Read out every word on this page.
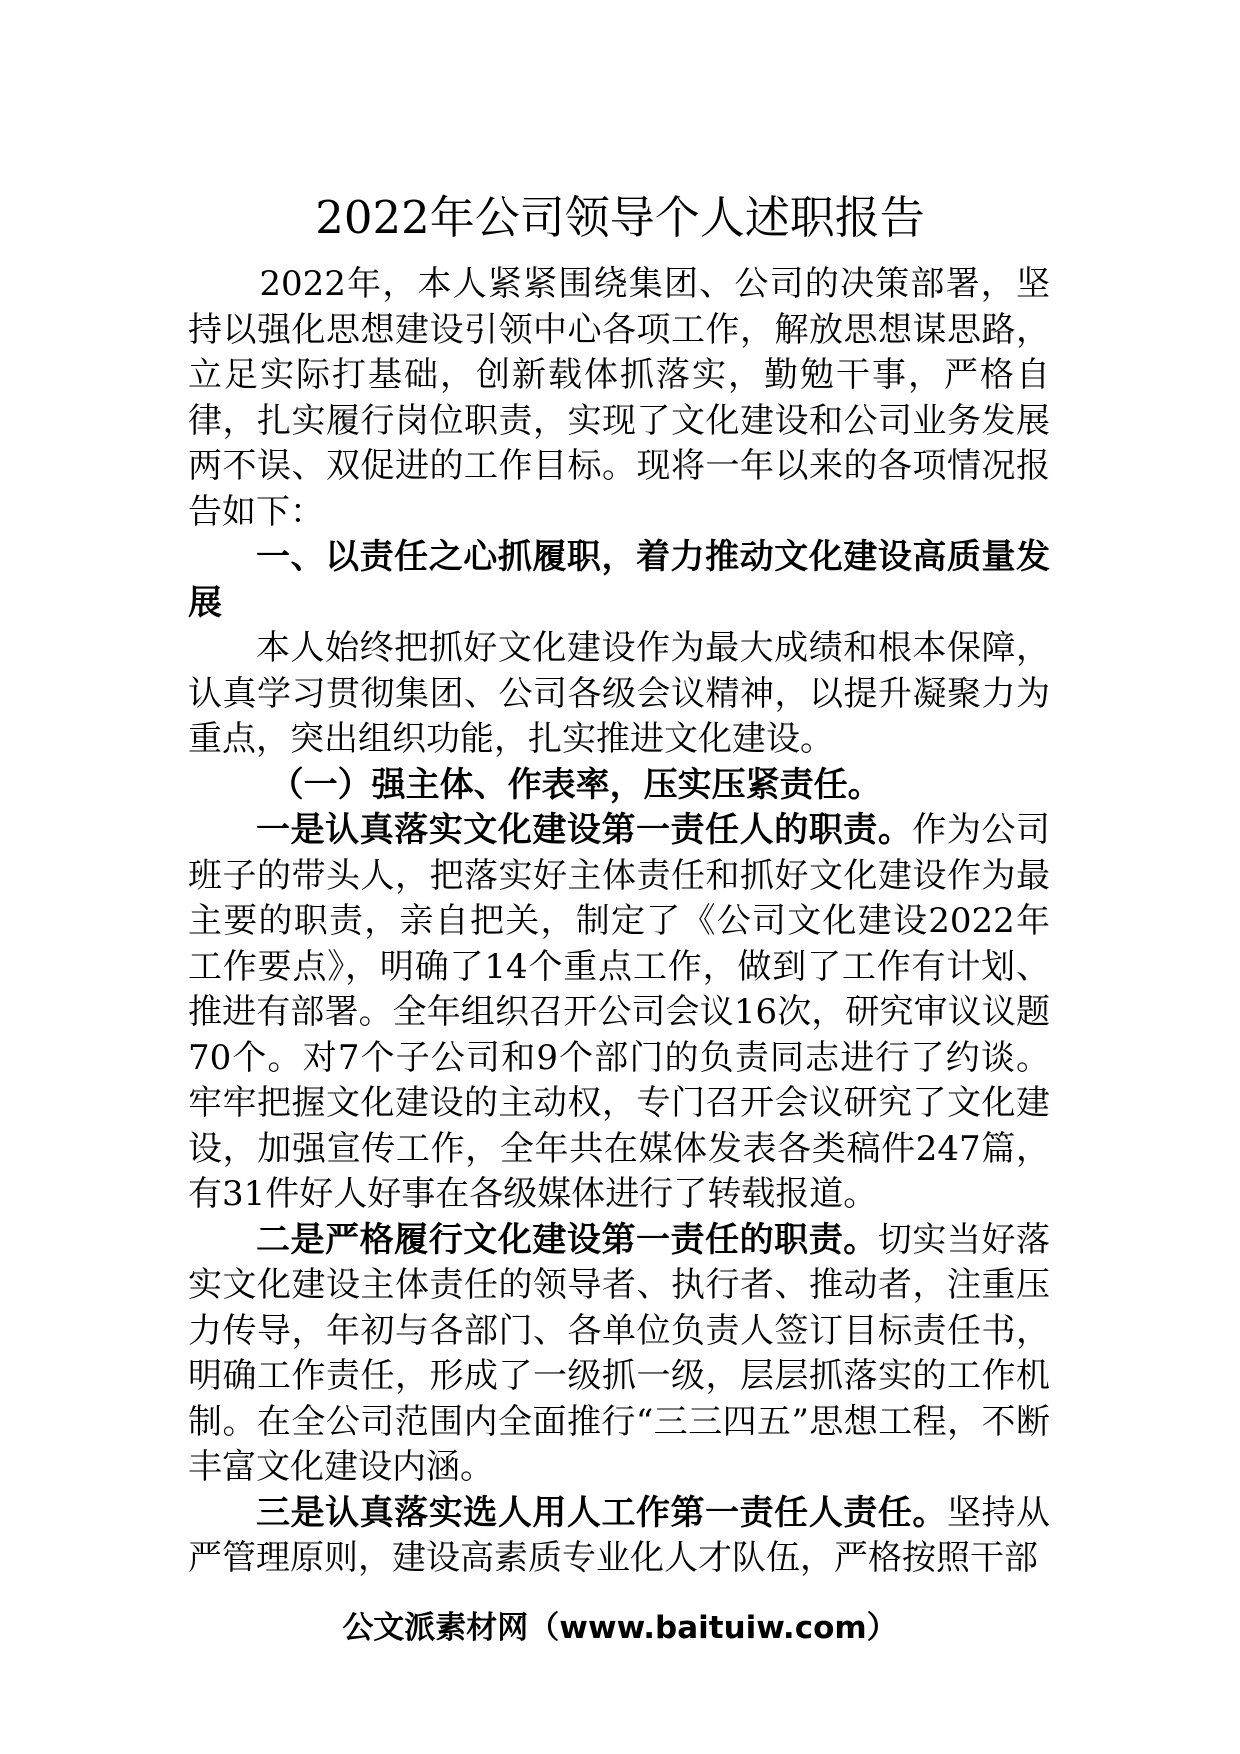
2022年公司领导个人述职报告

2022年，本人紧紧围绕集团、公司的决策部署，坚持以强化思想建设引领中心各项工作，解放思想谋思路，立足实际打基础，创新载体抓落实，勤勉干事，严格自律，扎实履行岗位职责，实现了文化建设和公司业务发展两不误、双促进的工作目标。现将一年以来的各项情况报告如下：

一、以责任之心抓履职，着力推动文化建设高质量发展

本人始终把抓好文化建设作为最大成绩和根本保障，认真学习贯彻集团、公司各级会议精神，以提升凝聚力为重点，突出组织功能，扎实推进文化建设。

（一）强主体、作表率，压实压紧责任。

一是认真落实文化建设第一责任人的职责。作为公司班子的带头人，把落实好主体责任和抓好文化建设作为最主要的职责，亲自把关，制定了《公司文化建设2022年工作要点》，明确了14个重点工作，做到了工作有计划、推进有部署。全年组织召开公司会议16次，研究审议议题70个。对7个子公司和9个部门的负责同志进行了约谈。牢牢把握文化建设的主动权，专门召开会议研究了文化建设，加强宣传工作，全年共在媒体发表各类稿件247篇，有31件好人好事在各级媒体进行了转载报道。

二是严格履行文化建设第一责任的职责。切实当好落实文化建设主体责任的领导者、执行者、推动者，注重压力传导，年初与各部门、各单位负责人签订目标责任书，明确工作责任，形成了一级抓一级，层层抓落实的工作机制。在全公司范围内全面推行“三三四五”思想工程，不断丰富文化建设内涵。

三是认真落实选人用人工作第一责任人责任。坚持从严管理原则，建设高素质专业化人才队伍，严格按照干部

公文派素材网（www.baituiw.com）
